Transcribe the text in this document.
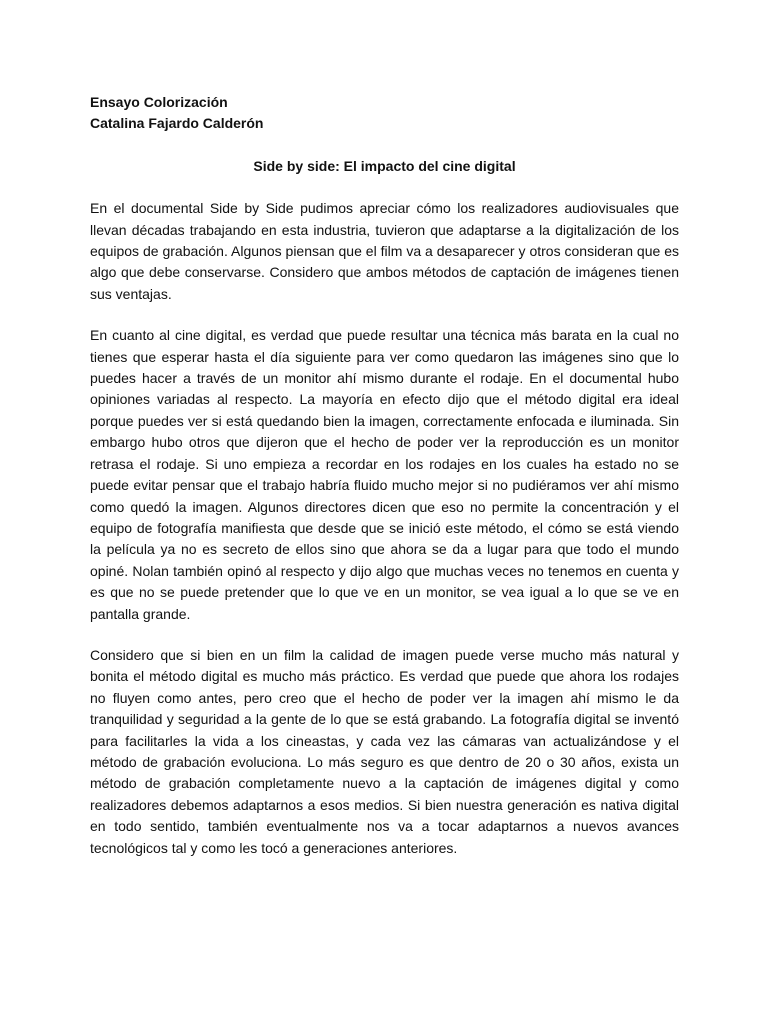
Ensayo Colorización

Catalina Fajardo Calderón

Side by side: El impacto del cine digital

En el documental Side by Side pudimos apreciar cómo los realizadores audiovisuales que llevan décadas trabajando en esta industria, tuvieron que adaptarse a la digitalización de los equipos de grabación. Algunos piensan que el film va a desaparecer y otros consideran que es algo que debe conservarse. Considero que ambos métodos de captación de imágenes tienen sus ventajas.

En cuanto al cine digital, es verdad que puede resultar una técnica más barata en la cual no tienes que esperar hasta el día siguiente para ver como quedaron las imágenes sino que lo puedes hacer a través de un monitor ahí mismo durante el rodaje. En el documental hubo opiniones variadas al respecto. La mayoría en efecto dijo que el método digital era ideal porque puedes ver si está quedando bien la imagen, correctamente enfocada e iluminada. Sin embargo hubo otros que dijeron que el hecho de poder ver la reproducción es un monitor retrasa el rodaje. Si uno empieza a recordar en los rodajes en los cuales ha estado no se puede evitar pensar que el trabajo habría fluido mucho mejor si no pudiéramos ver ahí mismo como quedó la imagen. Algunos directores dicen que eso no permite la concentración y el equipo de fotografía manifiesta que desde que se inició este método, el cómo se está viendo la película ya no es secreto de ellos sino que ahora se da a lugar para que todo el mundo opiné. Nolan también opinó al respecto y dijo algo que muchas veces no tenemos en cuenta y es que no se puede pretender que lo que ve en un monitor, se vea igual a lo que se ve en pantalla grande.

Considero que si bien en un film la calidad de imagen puede verse mucho más natural y bonita el método digital es mucho más práctico. Es verdad que puede que ahora los rodajes no fluyen como antes, pero creo que el hecho de poder ver la imagen ahí mismo le da tranquilidad y seguridad a la gente de lo que se está grabando. La fotografía digital se inventó para facilitarles la vida a los cineastas, y cada vez las cámaras van actualizándose y el método de grabación evoluciona. Lo más seguro es que dentro de 20 o 30 años, exista un método de grabación completamente nuevo a la captación de imágenes digital y como realizadores debemos adaptarnos a esos medios. Si bien nuestra generación es nativa digital en todo sentido, también eventualmente nos va a tocar adaptarnos a nuevos avances tecnológicos tal y como les tocó a generaciones anteriores.
